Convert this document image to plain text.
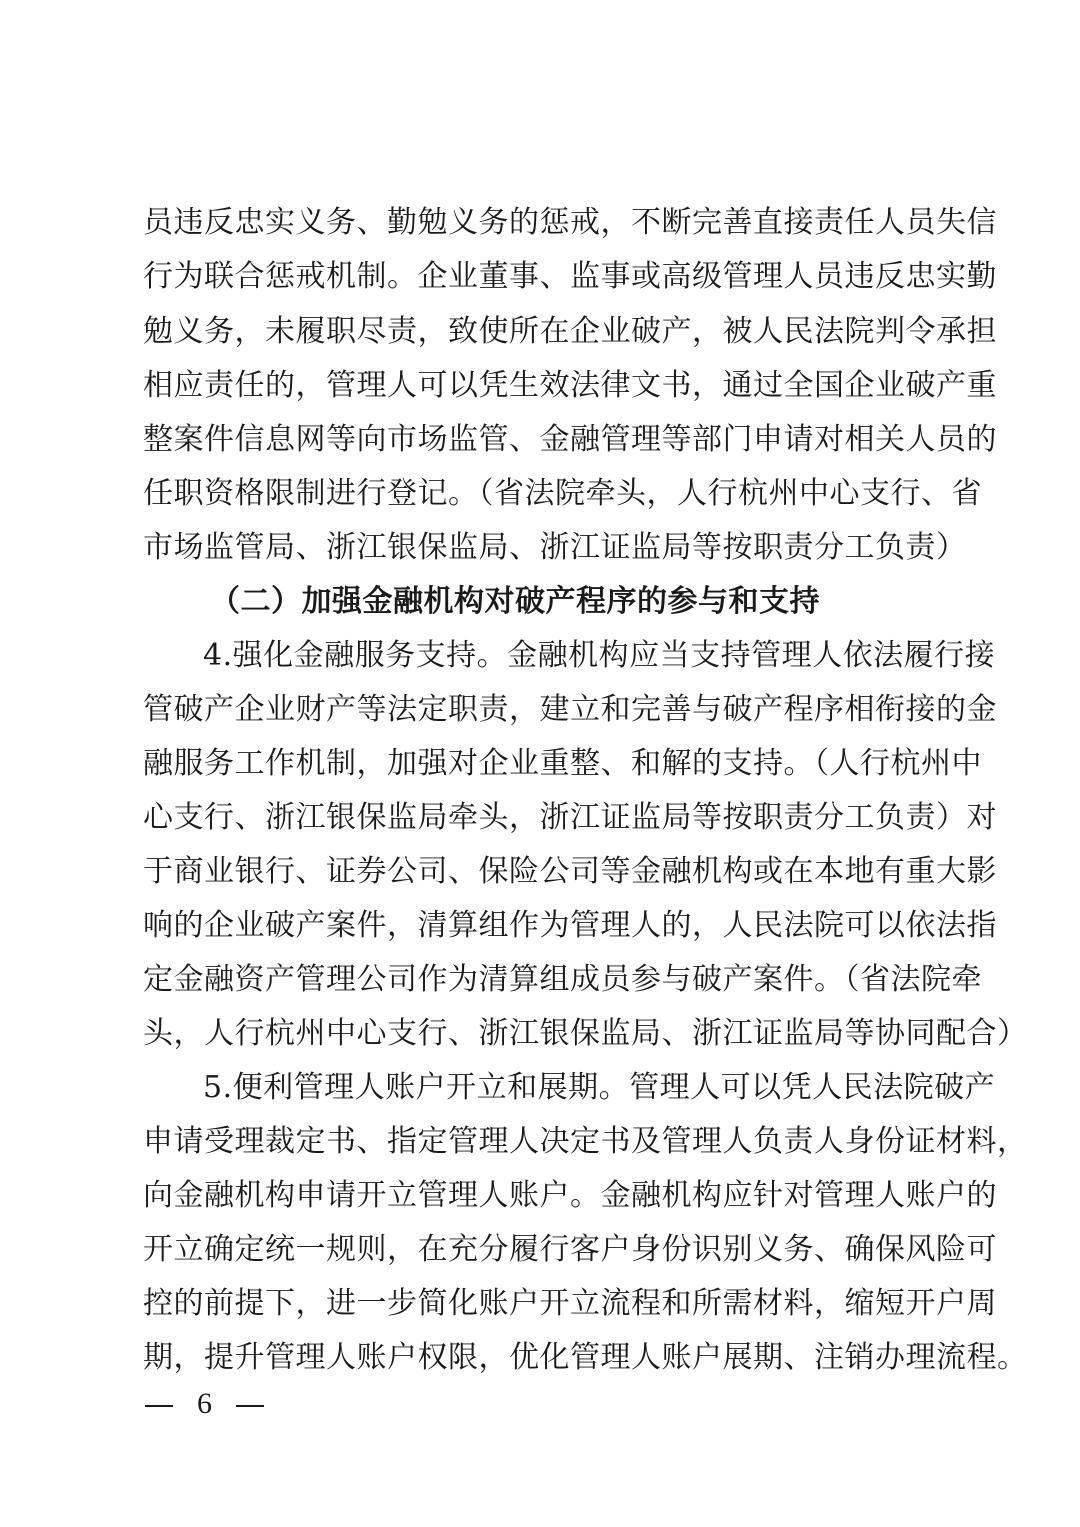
员违反忠实义务、勤勉义务的惩戒，不断完善直接责任人员失信
行为联合惩戒机制。企业董事、监事或高级管理人员违反忠实勤
勉义务，未履职尽责，致使所在企业破产，被人民法院判令承担
相应责任的，管理人可以凭生效法律文书，通过全国企业破产重
整案件信息网等向市场监管、金融管理等部门申请对相关人员的
任职资格限制进行登记。（省法院牵头，人行杭州中心支行、省
市场监管局、浙江银保监局、浙江证监局等按职责分工负责）
（二）加强金融机构对破产程序的参与和支持
4.强化金融服务支持。金融机构应当支持管理人依法履行接
管破产企业财产等法定职责，建立和完善与破产程序相衔接的金
融服务工作机制，加强对企业重整、和解的支持。（人行杭州中
心支行、浙江银保监局牵头，浙江证监局等按职责分工负责）对
于商业银行、证券公司、保险公司等金融机构或在本地有重大影
响的企业破产案件，清算组作为管理人的，人民法院可以依法指
定金融资产管理公司作为清算组成员参与破产案件。（省法院牵
头，人行杭州中心支行、浙江银保监局、浙江证监局等协同配合）
5.便利管理人账户开立和展期。管理人可以凭人民法院破产
申请受理裁定书、指定管理人决定书及管理人负责人身份证材料，
向金融机构申请开立管理人账户。金融机构应针对管理人账户的
开立确定统一规则，在充分履行客户身份识别义务、确保风险可
控的前提下，进一步简化账户开立流程和所需材料，缩短开户周
期，提升管理人账户权限，优化管理人账户展期、注销办理流程。
6
